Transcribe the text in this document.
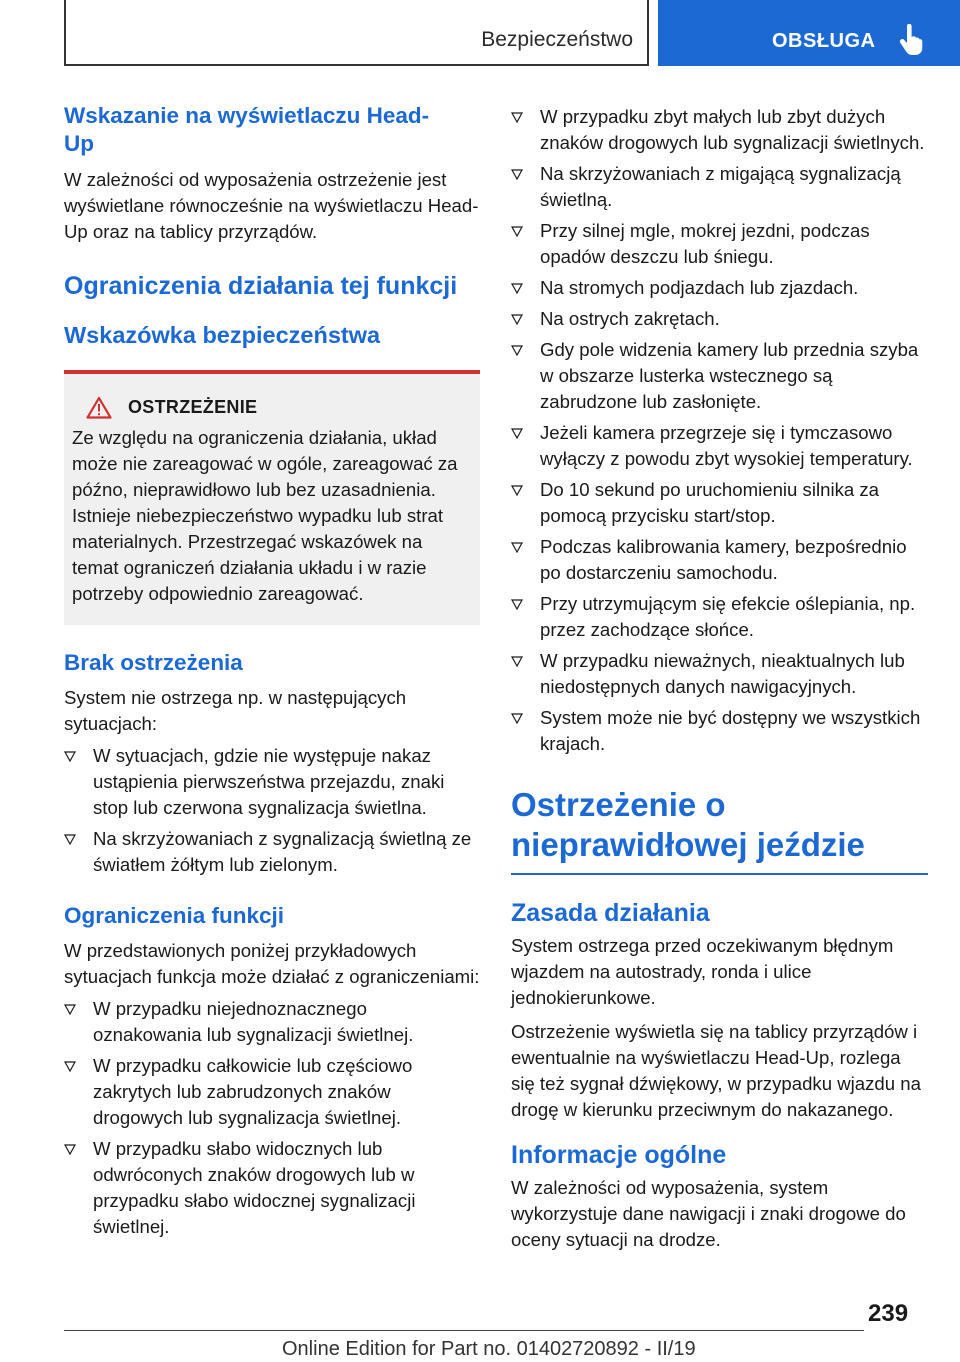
Bezpieczeństwo	OBSŁUGA
Wskazanie na wyświetlaczu Head-
Up

W zależności od wyposażenia ostrzeżenie jest wyświetlane równocześnie na wyświetlaczu Head-Up oraz na tablicy przyrządów.

Ograniczenia działania tej funkcji
Wskazówka bezpieczeństwa
OSTRZEŻENIE

Ze względu na ograniczenia działania, układ może nie zareagować w ogóle, zareagować za późno, nieprawidłowo lub bez uzasadnienia. Istnieje niebezpieczeństwo wypadku lub strat materialnych. Przestrzegać wskazówek na temat ograniczeń działania układu i w razie potrzeby odpowiednio zareagować.

Brak ostrzeżenia

System nie ostrzega np. w następujących sytuacjach:

W sytuacjach, gdzie nie występuje nakaz ustąpienia pierwszeństwa przejazdu, znaki stop lub czerwona sygnalizacja świetlna.
Na skrzyżowaniach z sygnalizacją świetlną ze światłem żółtym lub zielonym.
Ograniczenia funkcji

W przedstawionych poniżej przykładowych sytuacjach funkcja może działać z ograniczeniami:

W przypadku niejednoznacznego oznakowania lub sygnalizacji świetlnej.
W przypadku całkowicie lub częściowo zakrytych lub zabrudzonych znaków drogowych lub sygnalizacja świetlnej.
W przypadku słabo widocznych lub odwróconych znaków drogowych lub w przypadku słabo widocznej sygnalizacji świetlnej.
W przypadku zbyt małych lub zbyt dużych znaków drogowych lub sygnalizacji świetlnych.
Na skrzyżowaniach z migającą sygnalizacją świetlną.
Przy silnej mgle, mokrej jezdni, podczas opadów deszczu lub śniegu.
Na stromych podjazdach lub zjazdach.
Na ostrych zakrętach.
Gdy pole widzenia kamery lub przednia szyba w obszarze lusterka wstecznego są zabrudzone lub zasłonięte.
Jeżeli kamera przegrzeje się i tymczasowo wyłączy z powodu zbyt wysokiej temperatury.
Do 10 sekund po uruchomieniu silnika za pomocą przycisku start/stop.
Podczas kalibrowania kamery, bezpośrednio po dostarczeniu samochodu.
Przy utrzymującym się efekcie oślepiania, np. przez zachodzące słońce.
W przypadku nieważnych, nieaktualnych lub niedostępnych danych nawigacyjnych.
System może nie być dostępny we wszystkich krajach.
Ostrzeżenie o
nieprawidłowej jeździe
Zasada działania

System ostrzega przed oczekiwanym błędnym wjazdem na autostrady, ronda i ulice jednokierunkowe.

Ostrzeżenie wyświetla się na tablicy przyrządów i ewentualnie na wyświetlaczu Head-Up, rozlega się też sygnał dźwiękowy, w przypadku wjazdu na drogę w kierunku przeciwnym do nakazanego.

Informacje ogólne

W zależności od wyposażenia, system wykorzystuje dane nawigacji i znaki drogowe do oceny sytuacji na drodze.

239
Online Edition for Part no. 01402720892 - II/19
